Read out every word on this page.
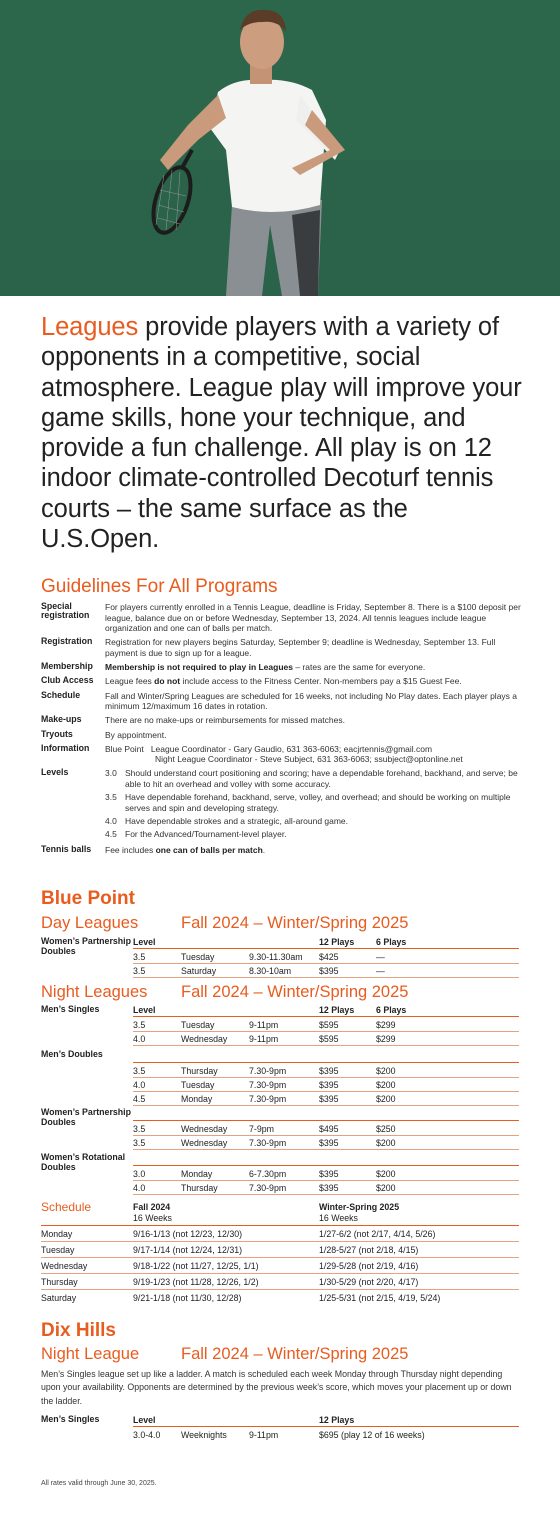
Leagues provide players with a variety of opponents in a competitive, social atmosphere. League play will improve your game skills, hone your technique, and provide a fun challenge. All play is on 12 indoor climate-controlled Decoturf tennis courts – the same surface as the U.S.Open.
Guidelines For All Programs
Special registration
For players currently enrolled in a Tennis League, deadline is Friday, September 8. There is a $100 deposit per league, balance due on or before Wednesday, September 13, 2024. All tennis leagues include league organization and one can of balls per match.
Registration	Registration for new players begins Saturday, September 9; deadline is Wednesday, September 13. Full payment is due to sign up for a league.
Membership	Membership is not required to play in Leagues – rates are the same for everyone.
Club Access	League fees do not include access to the Fitness Center. Non-members pay a $15 Guest Fee.
Schedule	Fall and Winter/Spring Leagues are scheduled for 16 weeks, not including No Play dates. Each player plays a minimum 12/maximum 16 dates in rotation.
Make-ups	There are no make-ups or reimbursements for missed matches.
Tryouts	By appointment.
Information	Blue Point   League Coordinator - Gary Gaudio, 631 363-6063; eacjrtennis@gmail.com
Night League Coordinator - Steve Subject, 631 363-6063; ssubject@optonline.net
Levels	3.0 Should understand court positioning and scoring; have a dependable forehand, backhand, and serve; be able to hit an overhead and volley with some accuracy.
3.5 Have dependable forehand, backhand, serve, volley, and overhead; and should be working on multiple serves and spin and developing strategy.
4.0 Have dependable strokes and a strategic, all-around game.
4.5 For the Advanced/Tournament-level player.
Tennis balls	Fee includes one can of balls per match.
Blue Point
Day Leagues	Fall 2024 – Winter/Spring 2025
Level	12 Plays 6 Plays
Women’s Partnership Doubles
3.5	Tuesday	9.30-11.30am $425	—
3.5	Saturday	8.30-10am	$395	—
Night Leagues Fall 2024 – Winter/Spring 2025
Level	12 Plays 6 Plays
Men’s Singles
3.5	Tuesday	9-11pm	$595	$299
4.0	Wednesday 9-11pm	$595	$299
Men’s Doubles
3.5	Thursday	7.30-9pm	$395	$200
4.0	Tuesday	7.30-9pm	$395	$200
4.5	Monday	7.30-9pm	$395	$200
Women’s Partnership Doubles
3.5	Wednesday 7-9pm	$495	$250
3.5	Wednesday 7.30-9pm	$395	$200
Women’s Rotational Doubles
3.0	Monday	6-7.30pm	$395	$200
4.0	Thursday	7.30-9pm	$395	$200
Schedule	Fall 2024
16 Weeks
Winter-Spring 2025
16 Weeks
Monday	9/16-1/13 (not 12/23, 12/30)	1/27-6/2 (not 2/17, 4/14, 5/26)
Tuesday	9/17-1/14 (not 12/24, 12/31)	1/28-5/27 (not 2/18, 4/15)
Wednesday	9/18-1/22 (not 11/27, 12/25, 1/1)	1/29-5/28 (not 2/19, 4/16)
Thursday	9/19-1/23 (not 11/28, 12/26, 1/2)	1/30-5/29 (not 2/20, 4/17)
Saturday	9/21-1/18 (not 11/30, 12/28)	1/25-5/31 (not 2/15, 4/19, 5/24)
Dix Hills
Night League	Fall 2024 – Winter/Spring 2025
Men’s Singles league set up like a ladder. A match is scheduled each week Monday through Thursday night depending upon your availability. Opponents are determined by the previous week’s score, which moves your placement up or down the ladder.
Level	12 Plays
Men’s Singles
3.0-4.0 Weeknights	9-11pm	$695 (play 12 of 16 weeks)
All rates valid through June 30, 2025.
